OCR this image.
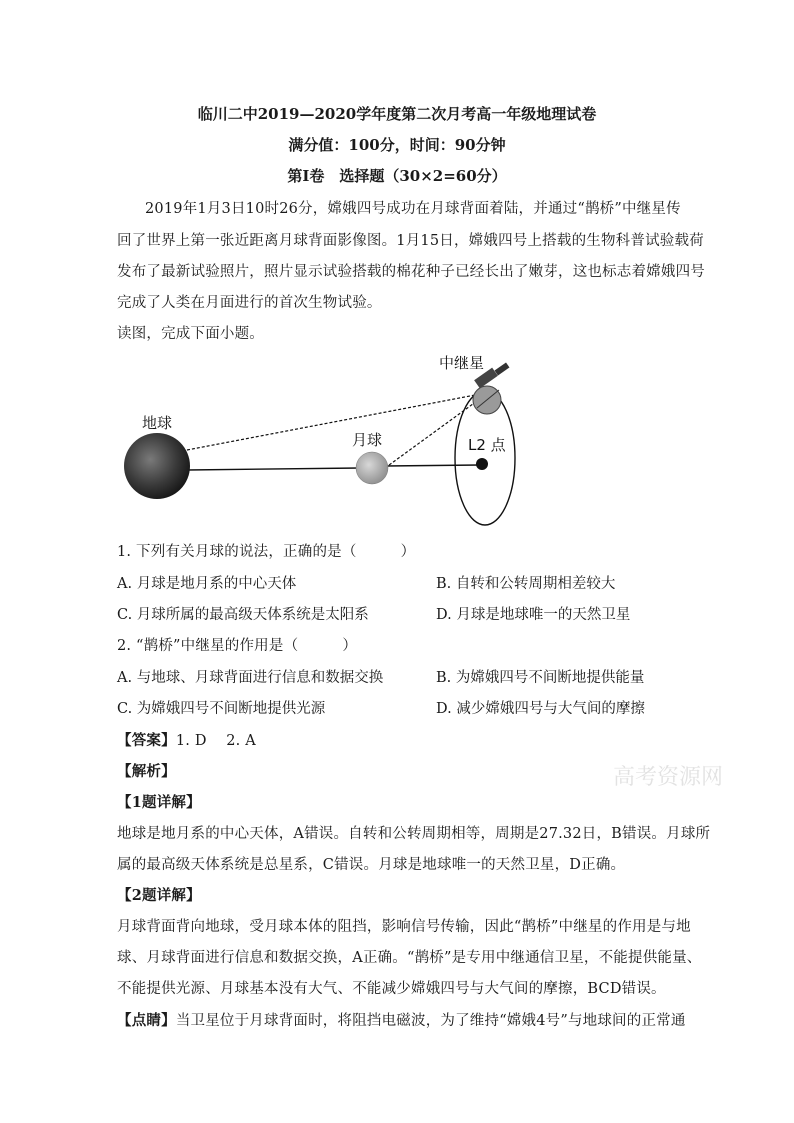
临川二中2019—2020学年度第二次月考高一年级地理试卷
满分值：100分，时间：90分钟
第Ⅰ卷　选择题（30×2=60分）
2019年1月3日10时26分，嫦娥四号成功在月球背面着陆，并通过“鹊桥”中继星传
回了世界上第一张近距离月球背面影像图。1月15日，嫦娥四号上搭载的生物科普试验载荷
发布了最新试验照片，照片显示试验搭载的棉花种子已经长出了嫩芽，这也标志着嫦娥四号
完成了人类在月面进行的首次生物试验。
读图，完成下面小题。
地球
月球
中继星
L2 点
1. 下列有关月球的说法，正确的是（　　　）
A. 月球是地月系的中心天体	B. 自转和公转周期相差较大
C. 月球所属的最高级天体系统是太阳系	D. 月球是地球唯一的天然卫星
2. “鹊桥”中继星的作用是（　　　）
A. 与地球、月球背面进行信息和数据交换	B. 为嫦娥四号不间断地提供能量
C. 为嫦娥四号不间断地提供光源	D. 减少嫦娥四号与大气间的摩擦
【答案】1. D　 2. A
【解析】	高考资源网
【1题详解】
地球是地月系的中心天体，A错误。自转和公转周期相等，周期是27.32日，B错误。月球所
属的最高级天体系统是总星系，C错误。月球是地球唯一的天然卫星，D正确。
【2题详解】
月球背面背向地球，受月球本体的阻挡，影响信号传输，因此“鹊桥”中继星的作用是与地
球、月球背面进行信息和数据交换，A正确。“鹊桥”是专用中继通信卫星，不能提供能量、
不能提供光源、月球基本没有大气、不能减少嫦娥四号与大气间的摩擦，BCD错误。
【点睛】当卫星位于月球背面时，将阻挡电磁波，为了维持“嫦娥4号”与地球间的正常通
